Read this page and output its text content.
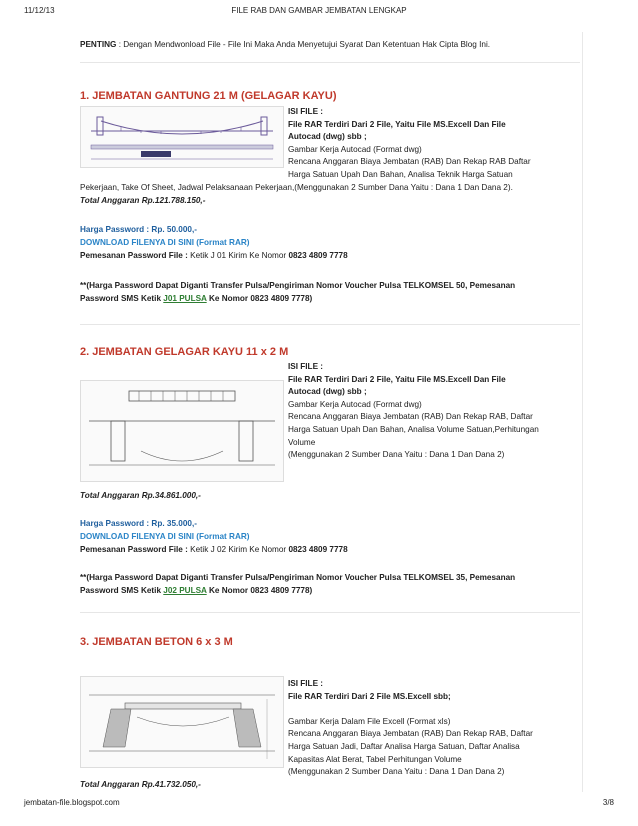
11/12/13	FILE RAB DAN GAMBAR JEMBATAN LENGKAP
PENTING : Dengan Mendwonload File - File Ini Maka Anda Menyetujui Syarat Dan Ketentuan Hak Cipta Blog Ini.
1. JEMBATAN GANTUNG 21 M (GELAGAR KAYU)
ISI FILE :
File RAR Terdiri Dari 2 File, Yaitu File MS.Excell Dan File
Autocad (dwg) sbb ;
Gambar Kerja Autocad (Format dwg)
Rencana Anggaran Biaya Jembatan (RAB) Dan Rekap RAB Daftar
Harga Satuan Upah Dan Bahan, Analisa Teknik Harga Satuan
Pekerjaan, Take Of Sheet, Jadwal Pelaksanaan Pekerjaan,(Menggunakan 2 Sumber Dana Yaitu : Dana 1 Dan Dana 2).
Total Anggaran Rp.121.788.150,-
Harga Password : Rp. 50.000,-
DOWNLOAD FILENYA DI SINI (Format RAR)
Pemesanan Password File : Ketik J 01 Kirim Ke Nomor 0823 4809 7778
**(Harga Password Dapat Diganti Transfer Pulsa/Pengiriman Nomor Voucher Pulsa TELKOMSEL 50, Pemesanan
Password SMS Ketik J01 PULSA Ke Nomor 0823 4809 7778)
2. JEMBATAN GELAGAR KAYU 11 x 2 M
ISI FILE :
File RAR Terdiri Dari 2 File, Yaitu File MS.Excell Dan File
Autocad (dwg) sbb ;
Gambar Kerja Autocad (Format dwg)
Rencana Anggaran Biaya Jembatan (RAB) Dan Rekap RAB, Daftar
Harga Satuan Upah Dan Bahan, Analisa Volume Satuan,Perhitungan
Volume
(Menggunakan 2 Sumber Dana Yaitu : Dana 1 Dan Dana 2)
Total Anggaran Rp.34.861.000,-
Harga Password : Rp. 35.000,-
DOWNLOAD FILENYA DI SINI (Format RAR)
Pemesanan Password File : Ketik J 02 Kirim Ke Nomor 0823 4809 7778
**(Harga Password Dapat Diganti Transfer Pulsa/Pengiriman Nomor Voucher Pulsa TELKOMSEL 35, Pemesanan
Password SMS Ketik J02 PULSA Ke Nomor 0823 4809 7778)
3. JEMBATAN BETON 6 x 3 M
ISI FILE :
File RAR Terdiri Dari 2 File MS.Excell sbb;
Gambar Kerja Dalam File Excell (Format xls)
Rencana Anggaran Biaya Jembatan (RAB) Dan Rekap RAB, Daftar
Harga Satuan Jadi, Daftar Analisa Harga Satuan, Daftar Analisa
Kapasitas Alat Berat, Tabel Perhitungan Volume
(Menggunakan 2 Sumber Dana Yaitu : Dana 1 Dan Dana 2)
Total Anggaran Rp.41.732.050,-
jembatan-file.blogspot.com	3/8
